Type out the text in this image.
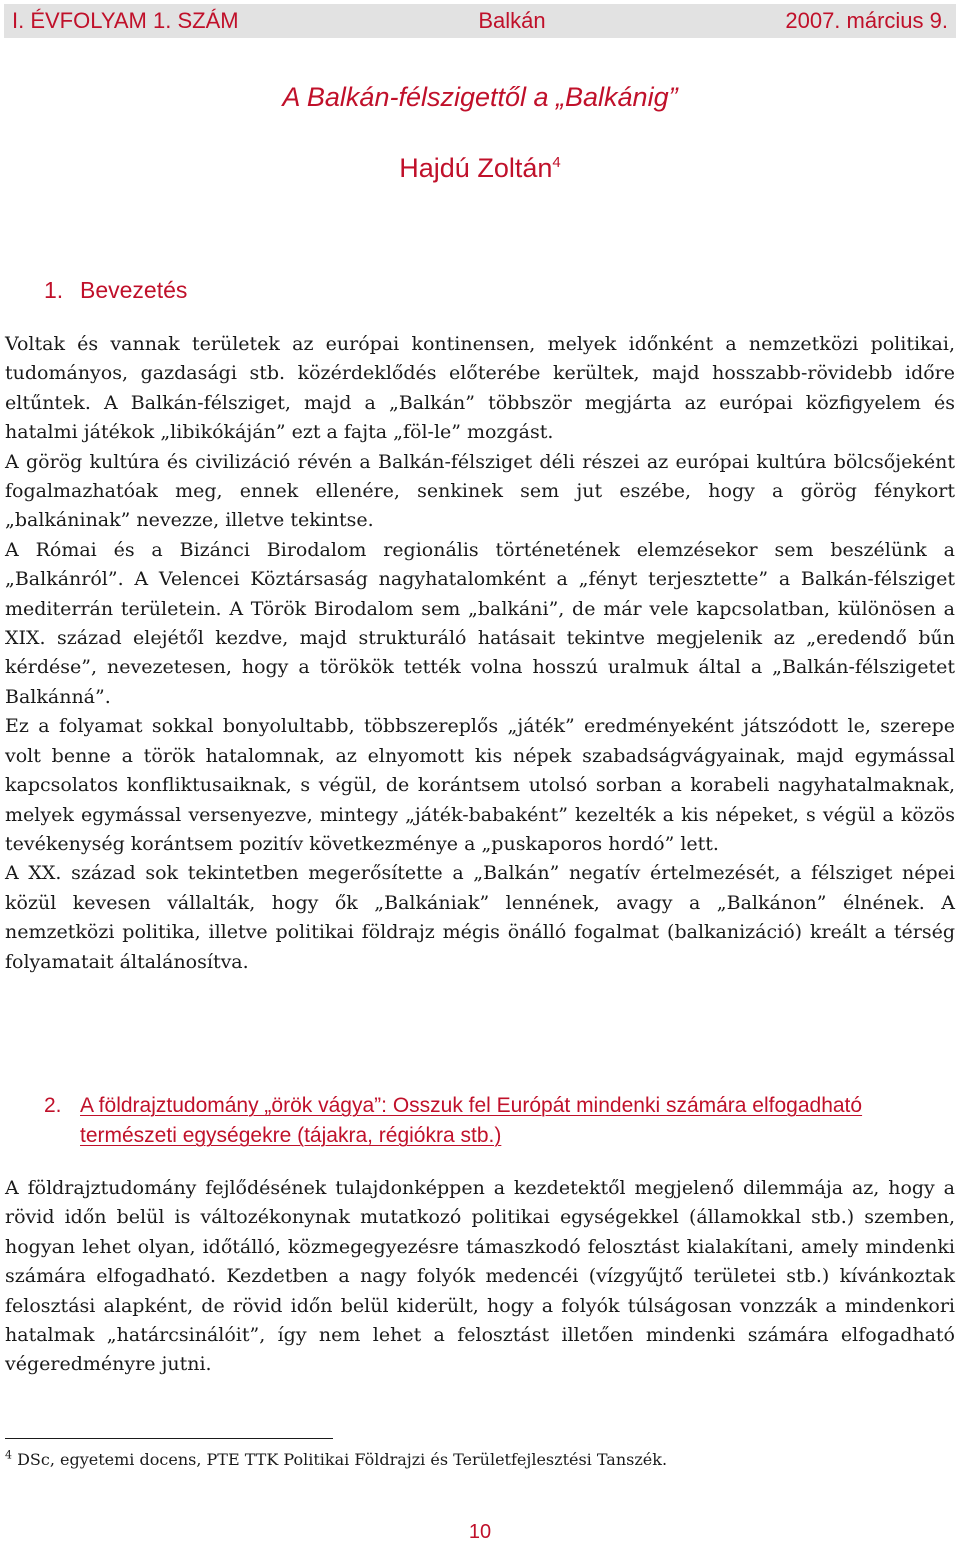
I. ÉVFOLYAM 1. SZÁM	Balkán	2007. március 9.
A Balkán-félszigettől a „Balkánig”
Hajdú Zoltán$^4$
1. Bevezetés

Voltak és vannak területek az európai kontinensen, melyek időnként a nemzetközi politikai, tudományos, gazdasági stb. közérdeklődés előterébe kerültek, majd hosszabb-rövidebb időre eltűntek. A Balkán-félsziget, majd a „Balkán” többször megjárta az európai közfigyelem és hatalmi játékok „libikókáján” ezt a fajta „föl-le” mozgást.

A görög kultúra és civilizáció révén a Balkán-félsziget déli részei az európai kultúra bölcsőjeként fogalmazhatóak meg, ennek ellenére, senkinek sem jut eszébe, hogy a görög fénykort „balkáninak” nevezze, illetve tekintse.

A Római és a Bizánci Birodalom regionális történetének elemzésekor sem beszélünk a „Balkánról”. A Velencei Köztársaság nagyhatalomként a „fényt terjesztette” a Balkán-félsziget mediterrán területein. A Török Birodalom sem „balkáni”, de már vele kapcsolatban, különösen a XIX. század elejétől kezdve, majd strukturáló hatásait tekintve megjelenik az „eredendő bűn kérdése”, nevezetesen, hogy a törökök tették volna hosszú uralmuk által a „Balkán-félszigetet Balkánná”.

Ez a folyamat sokkal bonyolultabb, többszereplős „játék” eredményeként játszódott le, szerepe volt benne a török hatalomnak, az elnyomott kis népek szabadságvágyainak, majd egymással kapcsolatos konfliktusaiknak, s végül, de korántsem utolsó sorban a korabeli nagyhatalmaknak, melyek egymással versenyezve, mintegy „játék-babaként” kezelték a kis népeket, s végül a közös tevékenység korántsem pozitív következménye a „puskaporos hordó” lett.

A XX. század sok tekintetben megerősítette a „Balkán” negatív értelmezését, a félsziget népei közül kevesen vállalták, hogy ők „Balkániak” lennének, avagy a „Balkánon” élnének. A nemzetközi politika, illetve politikai földrajz mégis önálló fogalmat (balkanizáció) kreált a térség folyamatait általánosítva.

2. A földrajztudomány „örök vágya”: Osszuk fel Európát mindenki számára elfogadható természeti egységekre (tájakra, régiókra stb.)

A földrajztudomány fejlődésének tulajdonképpen a kezdetektől megjelenő dilemmája az, hogy a rövid időn belül is változékonynak mutatkozó politikai egységekkel (államokkal stb.) szemben, hogyan lehet olyan, időtálló, közmegegyezésre támaszkodó felosztást kialakítani, amely mindenki számára elfogadható. Kezdetben a nagy folyók medencéi (vízgyűjtő területei stb.) kívánkoztak felosztási alapként, de rövid időn belül kiderült, hogy a folyók túlságosan vonzzák a mindenkori hatalmak „határcsinálóit”, így nem lehet a felosztást illetően mindenki számára elfogadható végeredményre jutni.

$^4$ DSc, egyetemi docens, PTE TTK Politikai Földrajzi és Területfejlesztési Tanszék.
10
